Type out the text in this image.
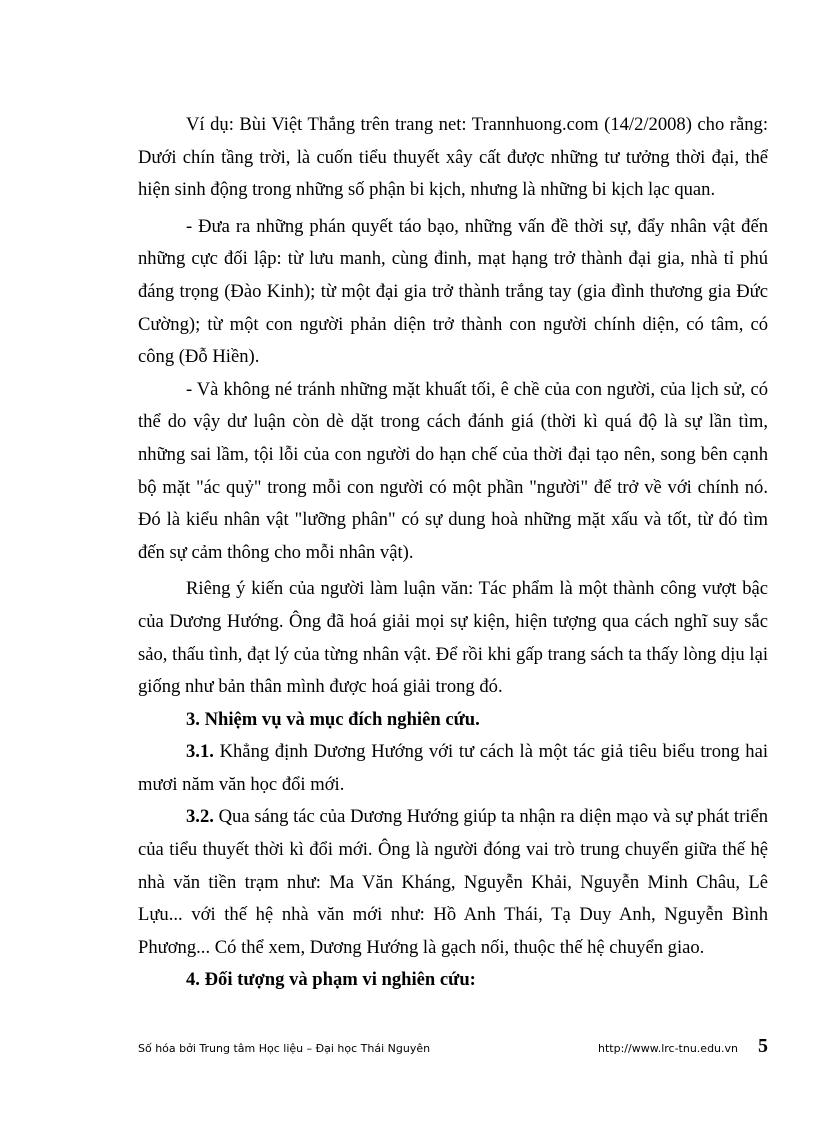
Ví dụ: Bùi Việt Thắng trên trang net: Trannhuong.com (14/2/2008) cho rằng: Dưới chín tầng trời, là cuốn tiểu thuyết xây cất được những tư tưởng thời đại, thể hiện sinh động trong những số phận bi kịch, nhưng là những bi kịch lạc quan.

- Đưa ra những phán quyết táo bạo, những vấn đề thời sự, đẩy nhân vật đến những cực đối lập: từ lưu manh, cùng đinh, mạt hạng trở thành đại gia, nhà tỉ phú đáng trọng (Đào Kinh); từ một đại gia trở thành trắng tay (gia đình thương gia Đức Cường); từ một con người phản diện trở thành con người chính diện, có tâm, có công (Đỗ Hiền).

- Và không né tránh những mặt khuất tối, ê chề của con người, của lịch sử, có thể do vậy dư luận còn dè dặt trong cách đánh giá (thời kì quá độ là sự lần tìm, những sai lầm, tội lỗi của con người do hạn chế của thời đại tạo nên, song bên cạnh bộ mặt "ác quỷ" trong mỗi con người có một phần "người" để trở về với chính nó. Đó là kiểu nhân vật "lưỡng phân" có sự dung hoà những mặt xấu và tốt, từ đó tìm đến sự cảm thông cho mỗi nhân vật).

Riêng ý kiến của người làm luận văn: Tác phẩm là một thành công vượt bậc của Dương Hướng. Ông đã hoá giải mọi sự kiện, hiện tượng qua cách nghĩ suy sắc sảo, thấu tình, đạt lý của từng nhân vật. Để rồi khi gấp trang sách ta thấy lòng dịu lại giống như bản thân mình được hoá giải trong đó.

3. Nhiệm vụ và mục đích nghiên cứu.

3.1. Khẳng định Dương Hướng với tư cách là một tác giả tiêu biểu trong hai mươi năm văn học đổi mới.

3.2. Qua sáng tác của Dương Hướng giúp ta nhận ra diện mạo và sự phát triển của tiểu thuyết thời kì đổi mới. Ông là người đóng vai trò trung chuyển giữa thế hệ nhà văn tiền trạm như: Ma Văn Kháng, Nguyễn Khải, Nguyễn Minh Châu, Lê Lựu... với thế hệ nhà văn mới như: Hồ Anh Thái, Tạ Duy Anh, Nguyễn Bình Phương... Có thể xem, Dương Hướng là gạch nối, thuộc thế hệ chuyển giao.

4. Đối tượng và phạm vi nghiên cứu:

Số hóa bởi Trung tâm Học liệu – Đại học Thái Nguyên	http://www.lrc-tnu.edu.vn 5
